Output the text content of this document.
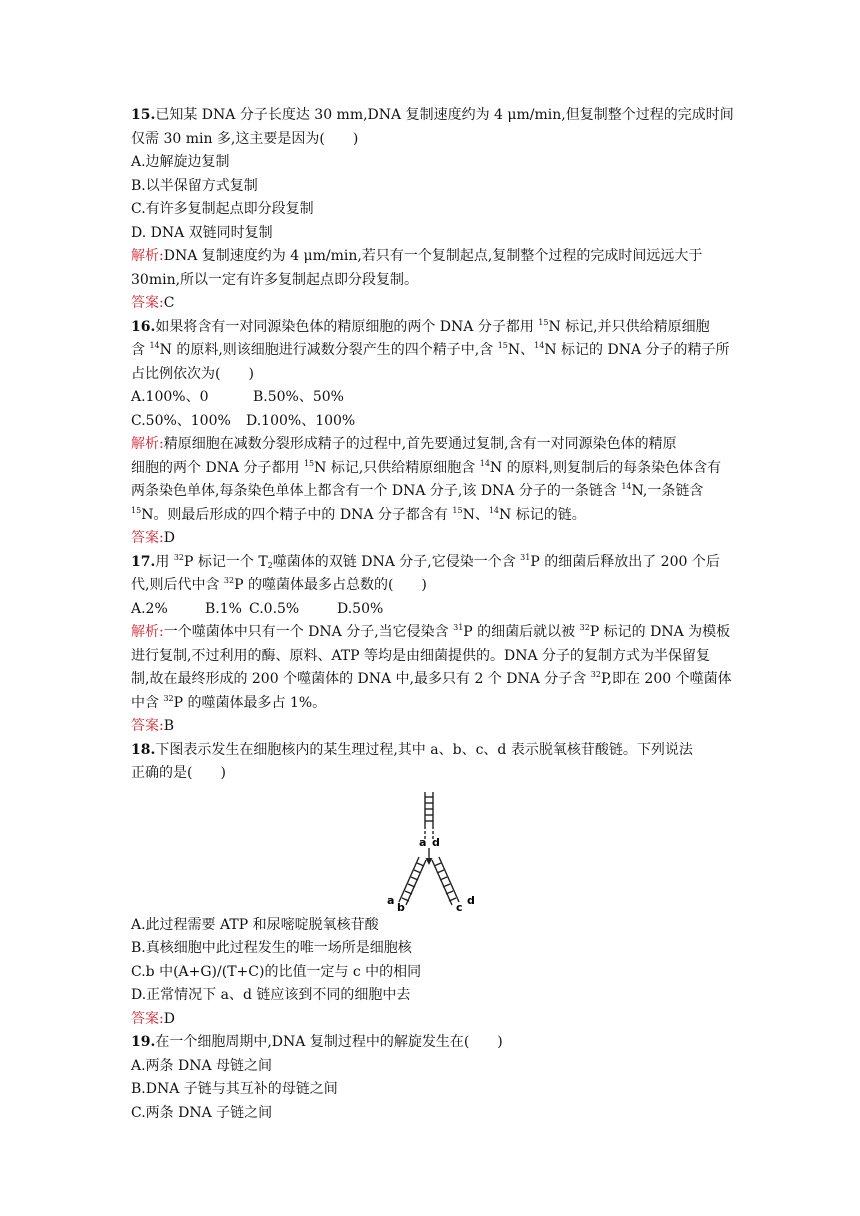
15.已知某 DNA 分子长度达 30 mm,DNA 复制速度约为 4 μm/min,但复制整个过程的完成时间
仅需 30 min 多,这主要是因为(　　)
A.边解旋边复制
B.以半保留方式复制
C.有许多复制起点即分段复制
D. DNA 双链同时复制
解析:DNA 复制速度约为 4 μm/min,若只有一个复制起点,复制整个过程的完成时间远远大于
30min,所以一定有许多复制起点即分段复制。
答案:C
16.如果将含有一对同源染色体的精原细胞的两个 DNA 分子都用 $^{15}$N 标记,并只供给精原细胞
含 $^{14}$N 的原料,则该细胞进行减数分裂产生的四个精子中,含 $^{15}$N、$^{14}$N 标记的 DNA 分子的精子所
占比例依次为(　　)
A.100%、0	B.50%、50%
C.50%、100%	D.100%、100%
解析:精原细胞在减数分裂形成精子的过程中,首先要通过复制,含有一对同源染色体的精原
细胞的两个 DNA 分子都用 $^{15}$N 标记,只供给精原细胞含 $^{14}$N 的原料,则复制后的每条染色体含有
两条染色单体,每条染色单体上都含有一个 DNA 分子,该 DNA 分子的一条链含 $^{14}$N,一条链含
$^{15}$N。则最后形成的四个精子中的 DNA 分子都含有 $^{15}$N、$^{14}$N 标记的链。
答案:D
17.用 $^{32}$P 标记一个 $T_2$噬菌体的双链 DNA 分子,它侵染一个含 $^{31}$P 的细菌后释放出了 200 个后
代,则后代中含 $^{32}$P 的噬菌体最多占总数的(　　)
A.2%	B.1% C.0.5%	D.50%
解析:一个噬菌体中只有一个 DNA 分子,当它侵染含 $^{31}$P 的细菌后就以被 $^{32}$P 标记的 DNA 为模板
进行复制,不过利用的酶、原料、ATP 等均是由细菌提供的。DNA 分子的复制方式为半保留复
制,故在最终形成的 200 个噬菌体的 DNA 中,最多只有 2 个 DNA 分子含 $^{32}$P,即在 200 个噬菌体
中含 $^{32}$P 的噬菌体最多占 1%。
答案:B
18.下图表示发生在细胞核内的某生理过程,其中 a、b、c、d 表示脱氧核苷酸链。下列说法
正确的是(　　)
a d
a
b	c
d
A.此过程需要 ATP 和尿嘧啶脱氧核苷酸
B.真核细胞中此过程发生的唯一场所是细胞核
C.b 中(A+G)/(T+C)的比值一定与 c 中的相同
D.正常情况下 a、d 链应该到不同的细胞中去
答案:D
19.在一个细胞周期中,DNA 复制过程中的解旋发生在(　　)
A.两条 DNA 母链之间
B.DNA 子链与其互补的母链之间
C.两条 DNA 子链之间
